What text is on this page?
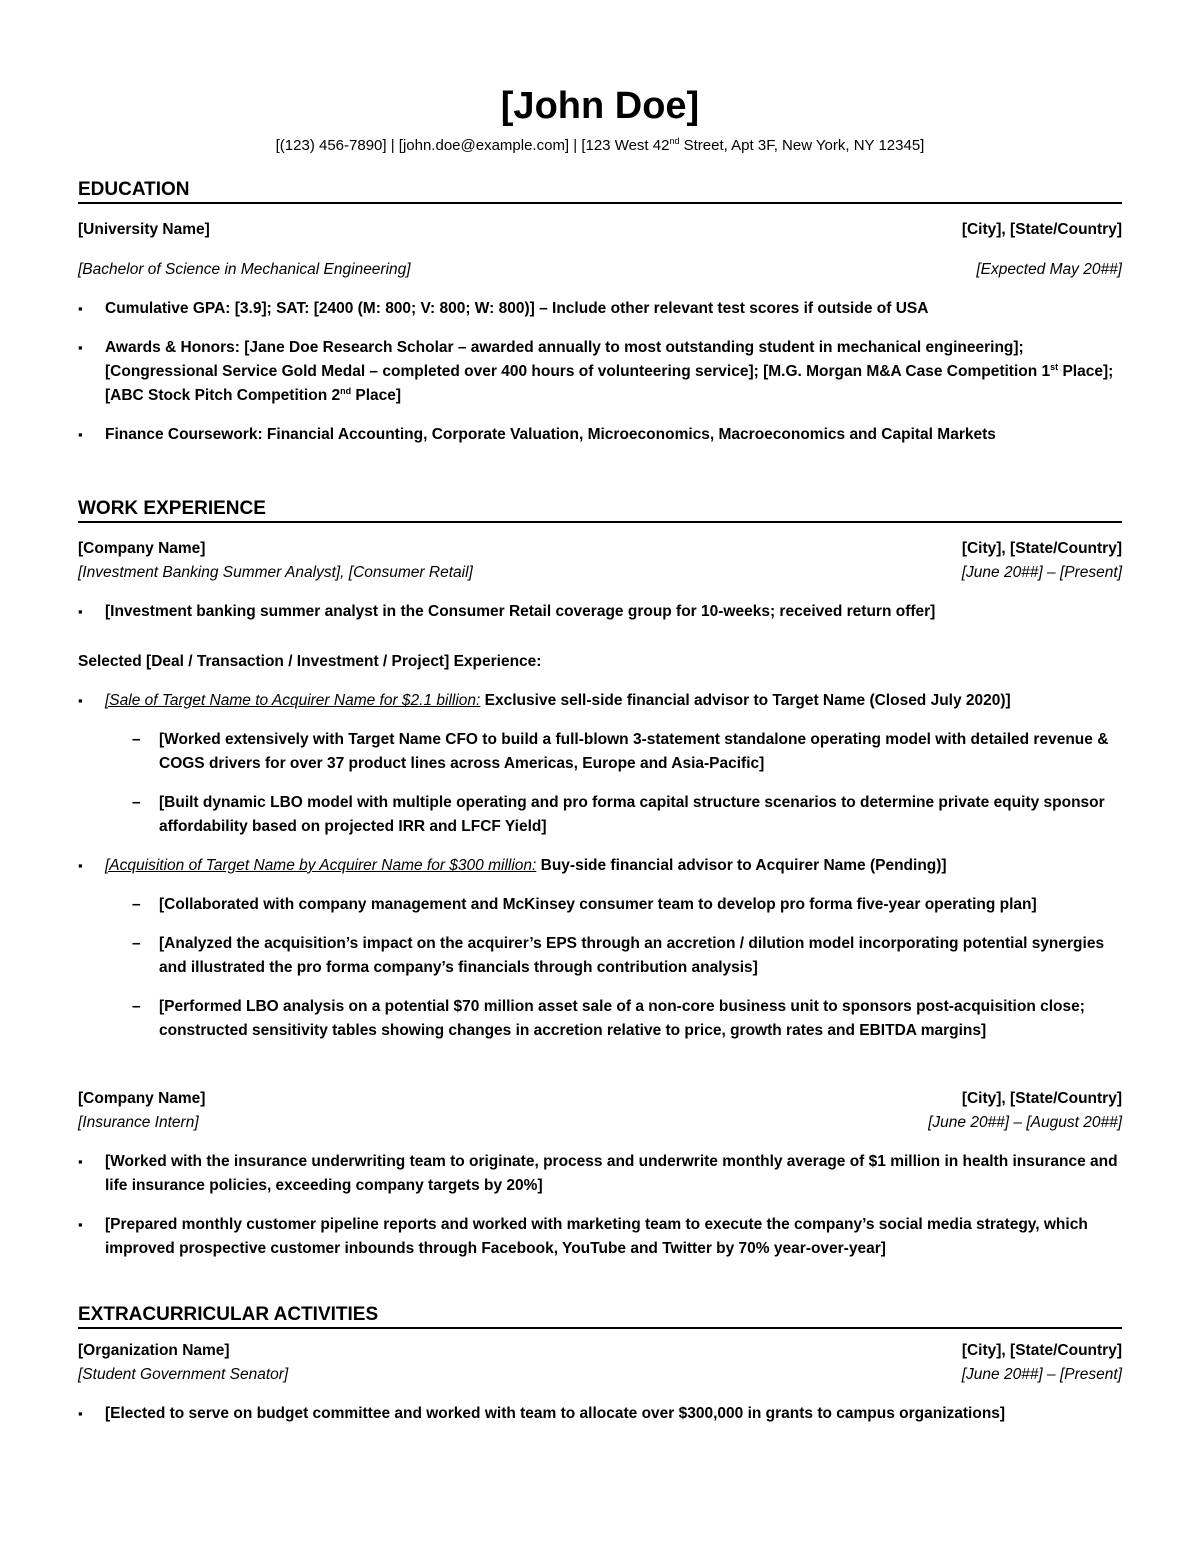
[John Doe]
[(123) 456-7890] | [john.doe@example.com] | [123 West 42nd Street, Apt 3F, New York, NY 12345]
EDUCATION
[University Name]	[City], [State/Country]
[Bachelor of Science in Mechanical Engineering]	[Expected May 20##]
▪ Cumulative GPA: [3.9]; SAT: [2400 (M: 800; V: 800; W: 800)] – Include other relevant test scores if outside of USA
▪ Awards & Honors: [Jane Doe Research Scholar – awarded annually to most outstanding student in mechanical engineering]; [Congressional Service Gold Medal – completed over 400 hours of volunteering service]; [M.G. Morgan M&A Case Competition 1st Place]; [ABC Stock Pitch Competition 2nd Place]
▪ Finance Coursework: Financial Accounting, Corporate Valuation, Microeconomics, Macroeconomics and Capital Markets
WORK EXPERIENCE
[Company Name]	[City], [State/Country]
[Investment Banking Summer Analyst], [Consumer Retail]	[June 20##] – [Present]
▪ [Investment banking summer analyst in the Consumer Retail coverage group for 10-weeks; received return offer]
Selected [Deal / Transaction / Investment / Project] Experience:
▪ [Sale of Target Name to Acquirer Name for $2.1 billion: Exclusive sell-side financial advisor to Target Name (Closed July 2020)]
– [Worked extensively with Target Name CFO to build a full-blown 3-statement standalone operating model with detailed revenue & COGS drivers for over 37 product lines across Americas, Europe and Asia-Pacific]
– [Built dynamic LBO model with multiple operating and pro forma capital structure scenarios to determine private equity sponsor affordability based on projected IRR and LFCF Yield]
▪ [Acquisition of Target Name by Acquirer Name for $300 million: Buy-side financial advisor to Acquirer Name (Pending)]
– [Collaborated with company management and McKinsey consumer team to develop pro forma five-year operating plan]
– [Analyzed the acquisition’s impact on the acquirer’s EPS through an accretion / dilution model incorporating potential synergies and illustrated the pro forma company’s financials through contribution analysis]
– [Performed LBO analysis on a potential $70 million asset sale of a non-core business unit to sponsors post-acquisition close; constructed sensitivity tables showing changes in accretion relative to price, growth rates and EBITDA margins]
[Company Name]	[City], [State/Country]
[Insurance Intern]	[June 20##] – [August 20##]
▪ [Worked with the insurance underwriting team to originate, process and underwrite monthly average of $1 million in health insurance and life insurance policies, exceeding company targets by 20%]
▪ [Prepared monthly customer pipeline reports and worked with marketing team to execute the company’s social media strategy, which improved prospective customer inbounds through Facebook, YouTube and Twitter by 70% year-over-year]
EXTRACURRICULAR ACTIVITIES
[Organization Name]	[City], [State/Country]
[Student Government Senator]	[June 20##] – [Present]
▪ [Elected to serve on budget committee and worked with team to allocate over $300,000 in grants to campus organizations]
